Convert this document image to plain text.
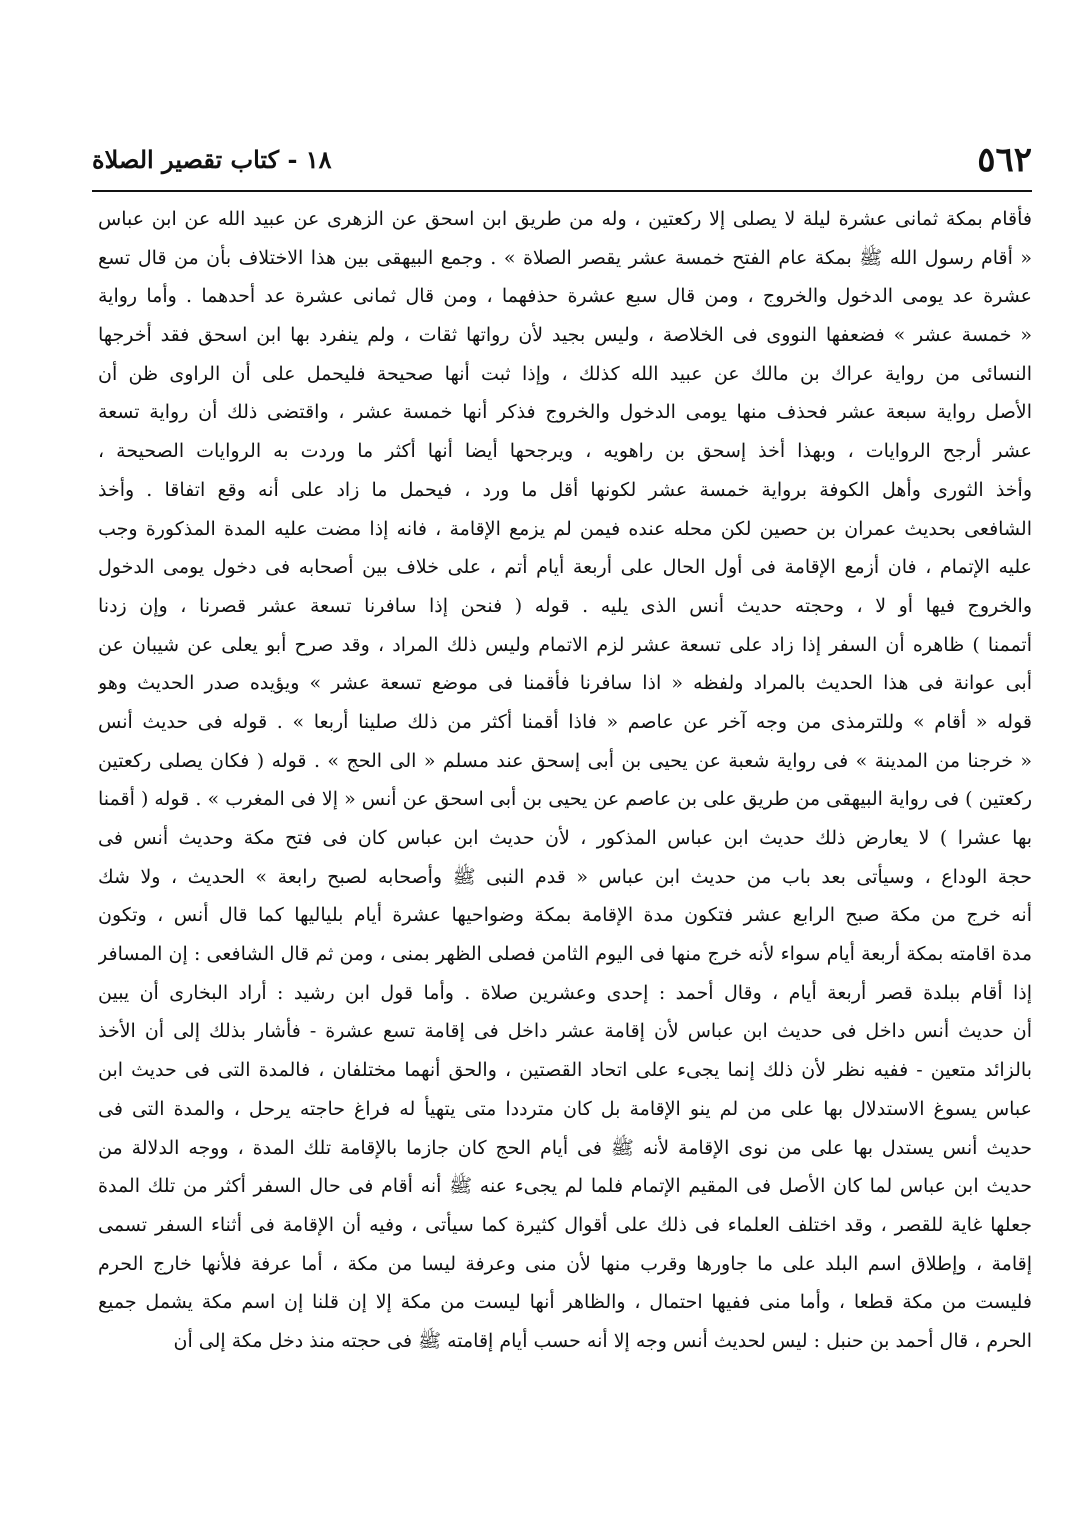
٥٦٢
١٨ - كتاب تقصير الصلاة
فأقام بمكة ثمانى عشرة ليلة لا يصلى إلا ركعتين ، وله من طريق ابن اسحق عن الزهرى عن عبيد الله عن ابن عباس
« أقام رسول الله ﷺ بمكة عام الفتح خمسة عشر يقصر الصلاة » . وجمع البيهقى بين هذا الاختلاف بأن من قال تسع
عشرة عد يومى الدخول والخروج ، ومن قال سبع عشرة حذفهما ، ومن قال ثمانى عشرة عد أحدهما . وأما رواية
« خمسة عشر » فضعفها النووى فى الخلاصة ، وليس بجيد لأن رواتها ثقات ، ولم ينفرد بها ابن اسحق فقد أخرجها
النسائى من رواية عراك بن مالك عن عبيد الله كذلك ، وإذا ثبت أنها صحيحة فليحمل على أن الراوى ظن أن
الأصل رواية سبعة عشر فحذف منها يومى الدخول والخروج فذكر أنها خمسة عشر ، واقتضى ذلك أن رواية تسعة
عشر أرجح الروايات ، وبهذا أخذ إسحق بن راهويه ، ويرجحها أيضا أنها أكثر ما وردت به الروايات الصحيحة ،
وأخذ الثورى وأهل الكوفة برواية خمسة عشر لكونها أقل ما ورد ، فيحمل ما زاد على أنه وقع اتفاقا . وأخذ
الشافعى بحديث عمران بن حصين لكن محله عنده فيمن لم يزمع الإقامة ، فانه إذا مضت عليه المدة المذكورة وجب
عليه الإتمام ، فان أزمع الإقامة فى أول الحال على أربعة أيام أتم ، على خلاف بين أصحابه فى دخول يومى الدخول
والخروج فيها أو لا ، وحجته حديث أنس الذى يليه . قوله ( فنحن إذا سافرنا تسعة عشر قصرنا ، وإن زدنا
أتممنا ) ظاهره أن السفر إذا زاد على تسعة عشر لزم الاتمام وليس ذلك المراد ، وقد صرح أبو يعلى عن شيبان عن
أبى عوانة فى هذا الحديث بالمراد ولفظه « اذا سافرنا فأقمنا فى موضع تسعة عشر » ويؤيده صدر الحديث وهو
قوله « أقام » وللترمذى من وجه آخر عن عاصم « فاذا أقمنا أكثر من ذلك صلينا أربعا » . قوله فى حديث أنس
« خرجنا من المدينة » فى رواية شعبة عن يحيى بن أبى إسحق عند مسلم « الى الحج » . قوله ( فكان يصلى ركعتين
ركعتين ) فى رواية البيهقى من طريق على بن عاصم عن يحيى بن أبى اسحق عن أنس « إلا فى المغرب » . قوله ( أقمنا
بها عشرا ) لا يعارض ذلك حديث ابن عباس المذكور ، لأن حديث ابن عباس كان فى فتح مكة وحديث أنس فى
حجة الوداع ، وسيأتى بعد باب من حديث ابن عباس « قدم النبى ﷺ وأصحابه لصبح رابعة » الحديث ، ولا شك
أنه خرج من مكة صبح الرابع عشر فتكون مدة الإقامة بمكة وضواحيها عشرة أيام بلياليها كما قال أنس ، وتكون
مدة اقامته بمكة أربعة أيام سواء لأنه خرج منها فى اليوم الثامن فصلى الظهر بمنى ، ومن ثم قال الشافعى : إن المسافر
إذا أقام ببلدة قصر أربعة أيام ، وقال أحمد : إحدى وعشرين صلاة . وأما قول ابن رشيد : أراد البخارى أن يبين
أن حديث أنس داخل فى حديث ابن عباس لأن إقامة عشر داخل فى إقامة تسع عشرة - فأشار بذلك إلى أن الأخذ
بالزائد متعين - ففيه نظر لأن ذلك إنما يجىء على اتحاد القصتين ، والحق أنهما مختلفان ، فالمدة التى فى حديث ابن
عباس يسوغ الاستدلال بها على من لم ينو الإقامة بل كان مترددا متى يتهيأ له فراغ حاجته يرحل ، والمدة التى فى
حديث أنس يستدل بها على من نوى الإقامة لأنه ﷺ فى أيام الحج كان جازما بالإقامة تلك المدة ، ووجه الدلالة من
حديث ابن عباس لما كان الأصل فى المقيم الإتمام فلما لم يجىء عنه ﷺ أنه أقام فى حال السفر أكثر من تلك المدة
جعلها غاية للقصر ، وقد اختلف العلماء فى ذلك على أقوال كثيرة كما سيأتى ، وفيه أن الإقامة فى أثناء السفر تسمى
إقامة ، وإطلاق اسم البلد على ما جاورها وقرب منها لأن منى وعرفة ليسا من مكة ، أما عرفة فلأنها خارج الحرم
فليست من مكة قطعا ، وأما منى ففيها احتمال ، والظاهر أنها ليست من مكة إلا إن قلنا إن اسم مكة يشمل جميع
الحرم ، قال أحمد بن حنبل : ليس لحديث أنس وجه إلا أنه حسب أيام إقامته ﷺ فى حجته منذ دخل مكة إلى أن
